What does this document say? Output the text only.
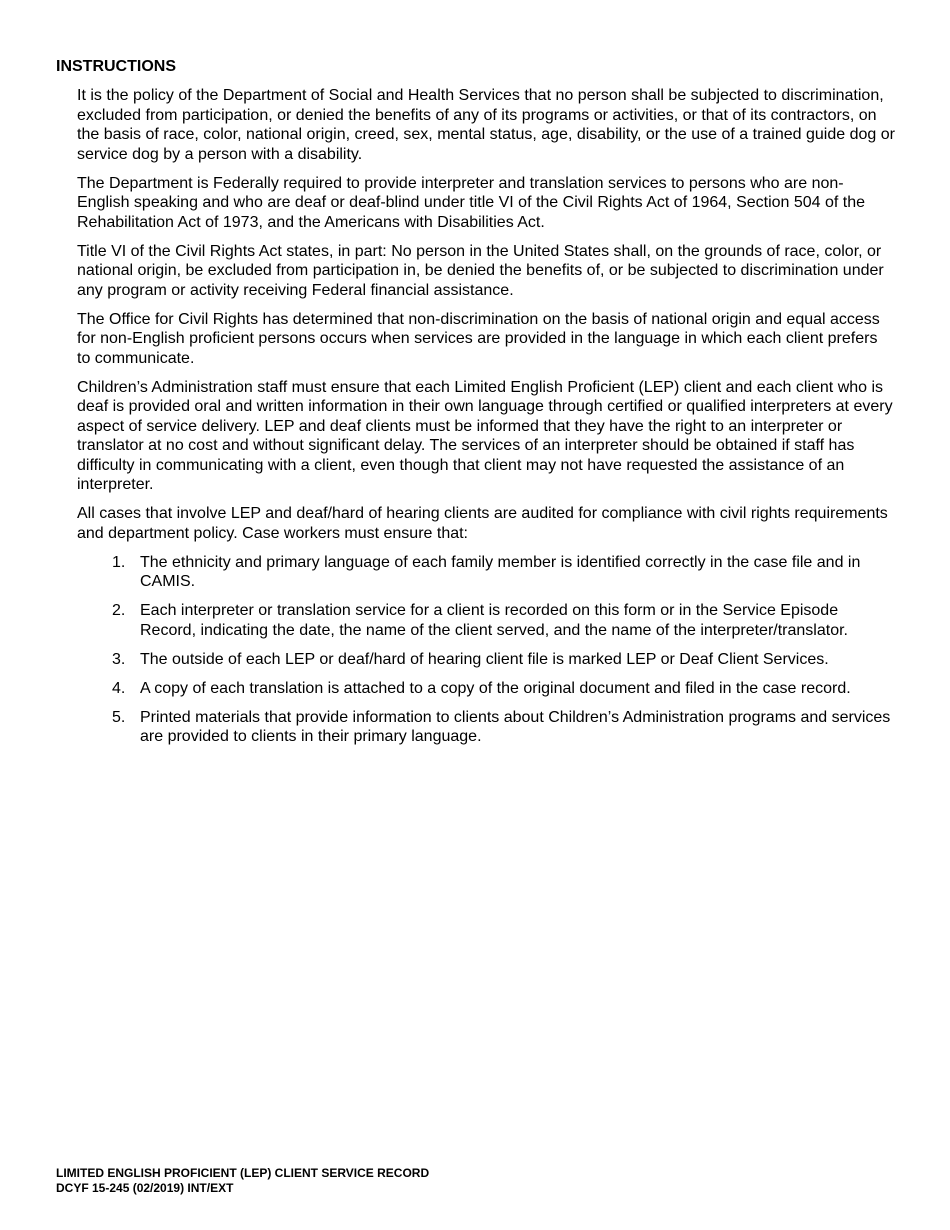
INSTRUCTIONS

It is the policy of the Department of Social and Health Services that no person shall be subjected to discrimination, excluded from participation, or denied the benefits of any of its programs or activities, or that of its contractors, on the basis of race, color, national origin, creed, sex, mental status, age, disability, or the use of a trained guide dog or service dog by a person with a disability.

The Department is Federally required to provide interpreter and translation services to persons who are non-English speaking and who are deaf or deaf-blind under title VI of the Civil Rights Act of 1964, Section 504 of the Rehabilitation Act of 1973, and the Americans with Disabilities Act.

Title VI of the Civil Rights Act states, in part: No person in the United States shall, on the grounds of race, color, or national origin, be excluded from participation in, be denied the benefits of, or be subjected to discrimination under any program or activity receiving Federal financial assistance.

The Office for Civil Rights has determined that non-discrimination on the basis of national origin and equal access for non-English proficient persons occurs when services are provided in the language in which each client prefers to communicate.

Children’s Administration staff must ensure that each Limited English Proficient (LEP) client and each client who is deaf is provided oral and written information in their own language through certified or qualified interpreters at every aspect of service delivery. LEP and deaf clients must be informed that they have the right to an interpreter or translator at no cost and without significant delay. The services of an interpreter should be obtained if staff has difficulty in communicating with a client, even though that client may not have requested the assistance of an interpreter.

All cases that involve LEP and deaf/hard of hearing clients are audited for compliance with civil rights requirements and department policy. Case workers must ensure that:

1. The ethnicity and primary language of each family member is identified correctly in the case file and in CAMIS.
2. Each interpreter or translation service for a client is recorded on this form or in the Service Episode Record, indicating the date, the name of the client served, and the name of the interpreter/translator.
3. The outside of each LEP or deaf/hard of hearing client file is marked LEP or Deaf Client Services.
4. A copy of each translation is attached to a copy of the original document and filed in the case record.
5. Printed materials that provide information to clients about Children’s Administration programs and services are provided to clients in their primary language.
LIMITED ENGLISH PROFICIENT (LEP) CLIENT SERVICE RECORD
DCYF 15-245 (02/2019) INT/EXT
